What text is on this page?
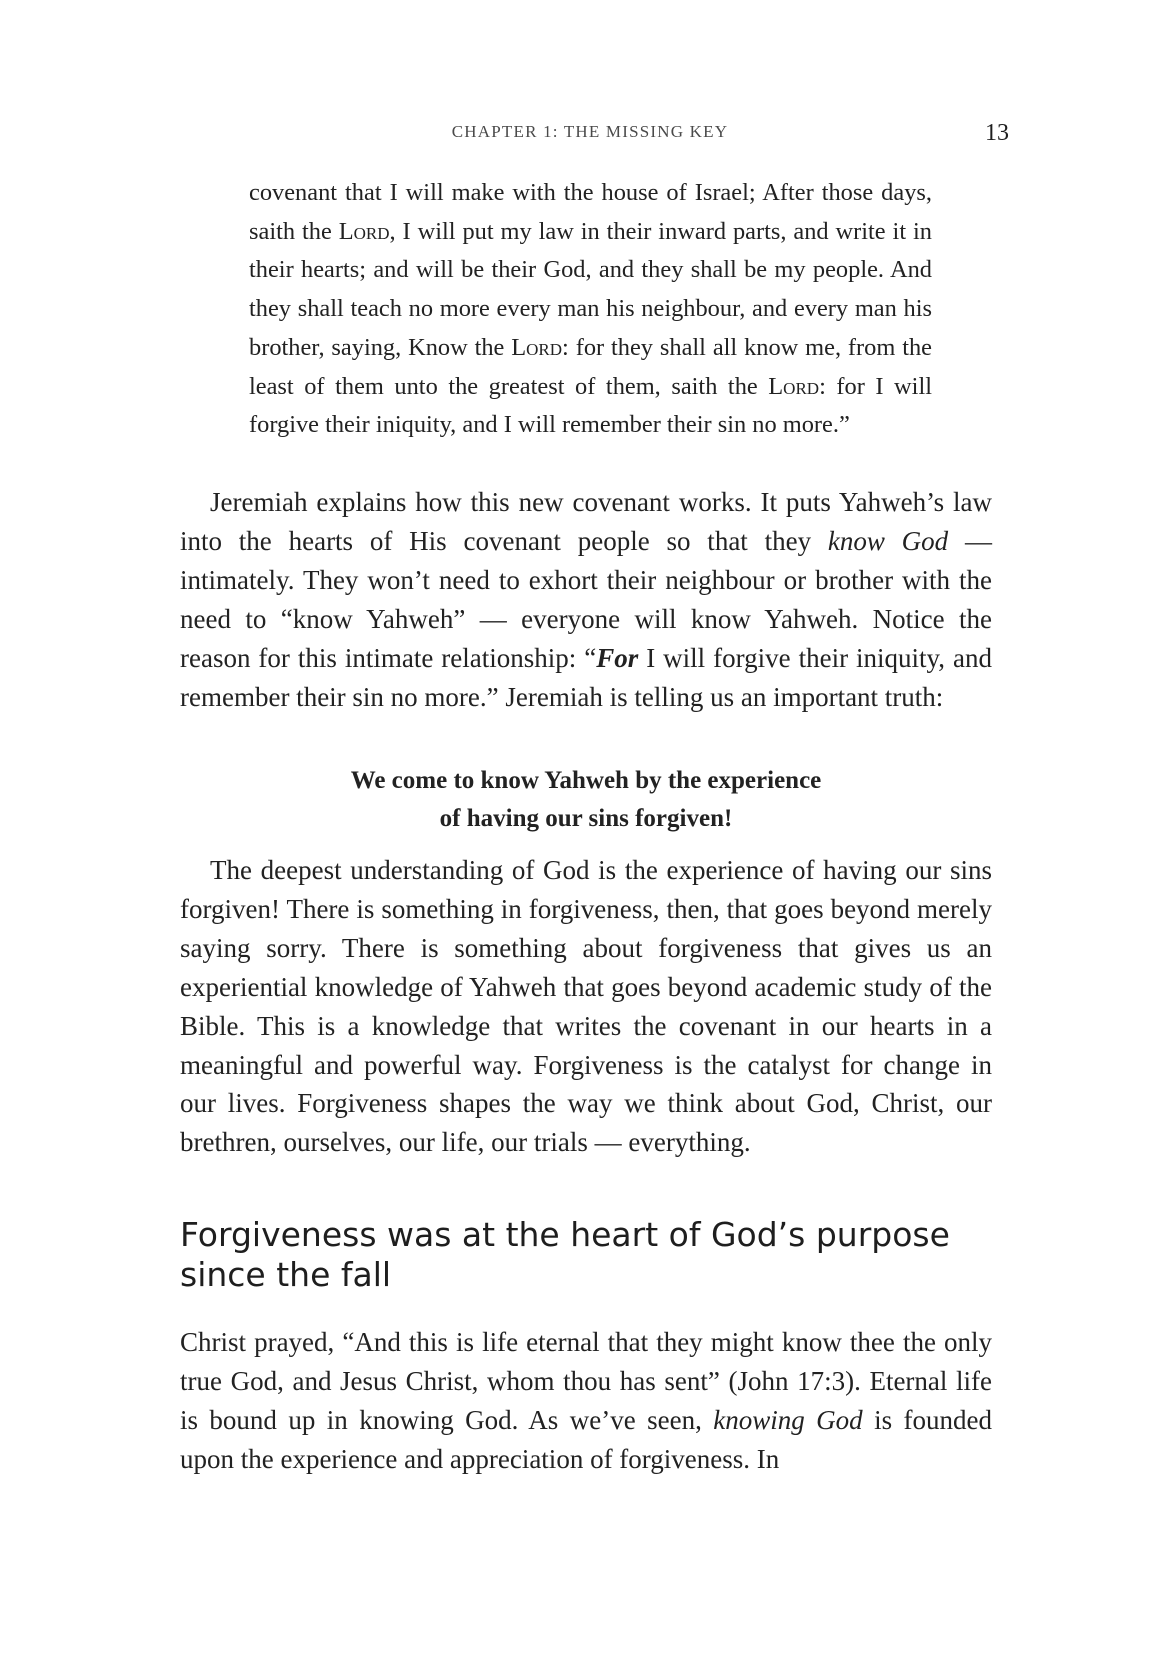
CHAPTER 1: THE MISSING KEY	13

covenant that I will make with the house of Israel; After those days, saith the Lord, I will put my law in their inward parts, and write it in their hearts; and will be their God, and they shall be my people. And they shall teach no more every man his neighbour, and every man his brother, saying, Know the Lord: for they shall all know me, from the least of them unto the greatest of them, saith the Lord: for I will forgive their iniquity, and I will remember their sin no more.”

Jeremiah explains how this new covenant works. It puts Yahweh’s law into the hearts of His covenant people so that they know God — intimately. They won’t need to exhort their neighbour or brother with the need to “know Yahweh” — everyone will know Yahweh. Notice the reason for this intimate relationship: “For I will forgive their iniquity, and remember their sin no more.” Jeremiah is telling us an important truth:

We come to know Yahweh by the experience
of having our sins forgiven!

The deepest understanding of God is the experience of having our sins forgiven! There is something in forgiveness, then, that goes beyond merely saying sorry. There is something about forgiveness that gives us an experiential knowledge of Yahweh that goes beyond academic study of the Bible. This is a knowledge that writes the covenant in our hearts in a meaningful and powerful way. Forgiveness is the catalyst for change in our lives. Forgiveness shapes the way we think about God, Christ, our brethren, ourselves, our life, our trials — everything.

Forgiveness was at the heart of God’s purpose since the fall

Christ prayed, “And this is life eternal that they might know thee the only true God, and Jesus Christ, whom thou has sent” (John 17:3). Eternal life is bound up in knowing God. As we’ve seen, knowing God is founded upon the experience and appreciation of forgiveness. In
